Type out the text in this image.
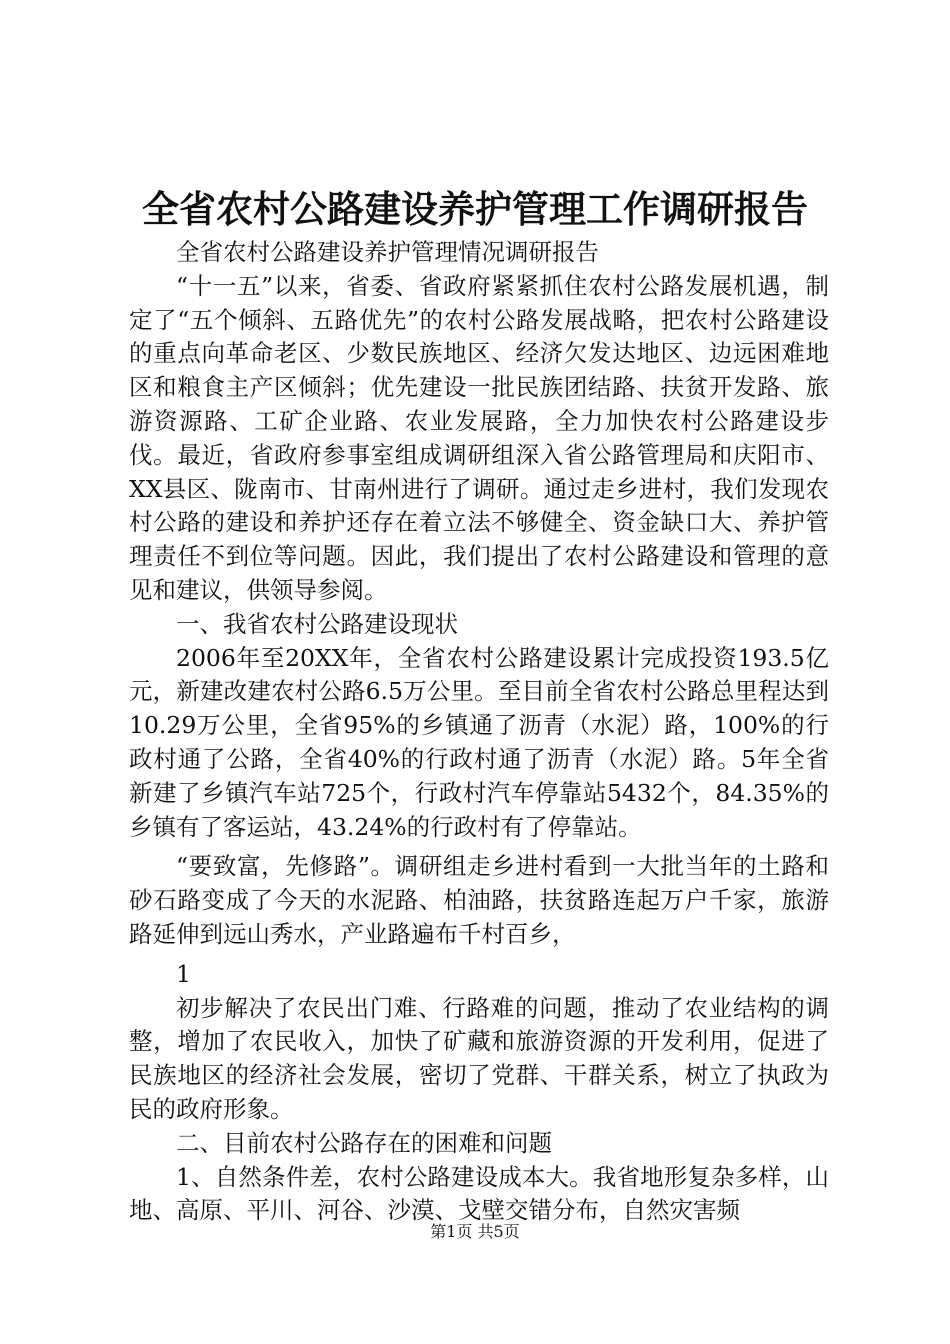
全省农村公路建设养护管理工作调研报告

全省农村公路建设养护管理情况调研报告

“十一五”以来，省委、省政府紧紧抓住农村公路发展机遇，制定了“五个倾斜、五路优先”的农村公路发展战略，把农村公路建设的重点向革命老区、少数民族地区、经济欠发达地区、边远困难地区和粮食主产区倾斜；优先建设一批民族团结路、扶贫开发路、旅游资源路、工矿企业路、农业发展路，全力加快农村公路建设步伐。最近，省政府参事室组成调研组深入省公路管理局和庆阳市、XX县区、陇南市、甘南州进行了调研。通过走乡进村，我们发现农村公路的建设和养护还存在着立法不够健全、资金缺口大、养护管理责任不到位等问题。因此，我们提出了农村公路建设和管理的意见和建议，供领导参阅。

一、我省农村公路建设现状

2006年至20XX年，全省农村公路建设累计完成投资193.5亿元，新建改建农村公路6.5万公里。至目前全省农村公路总里程达到10.29万公里，全省95%的乡镇通了沥青（水泥）路，100%的行政村通了公路，全省40%的行政村通了沥青（水泥）路。5年全省新建了乡镇汽车站725个，行政村汽车停靠站5432个，84.35%的乡镇有了客运站，43.24%的行政村有了停靠站。

“要致富，先修路”。调研组走乡进村看到一大批当年的土路和砂石路变成了今天的水泥路、柏油路，扶贫路连起万户千家，旅游路延伸到远山秀水，产业路遍布千村百乡，

1

初步解决了农民出门难、行路难的问题，推动了农业结构的调整，增加了农民收入，加快了矿藏和旅游资源的开发利用，促进了民族地区的经济社会发展，密切了党群、干群关系，树立了执政为民的政府形象。

二、目前农村公路存在的困难和问题

1、自然条件差，农村公路建设成本大。我省地形复杂多样，山地、高原、平川、河谷、沙漠、戈壁交错分布，自然灾害频

第1页 共5页
